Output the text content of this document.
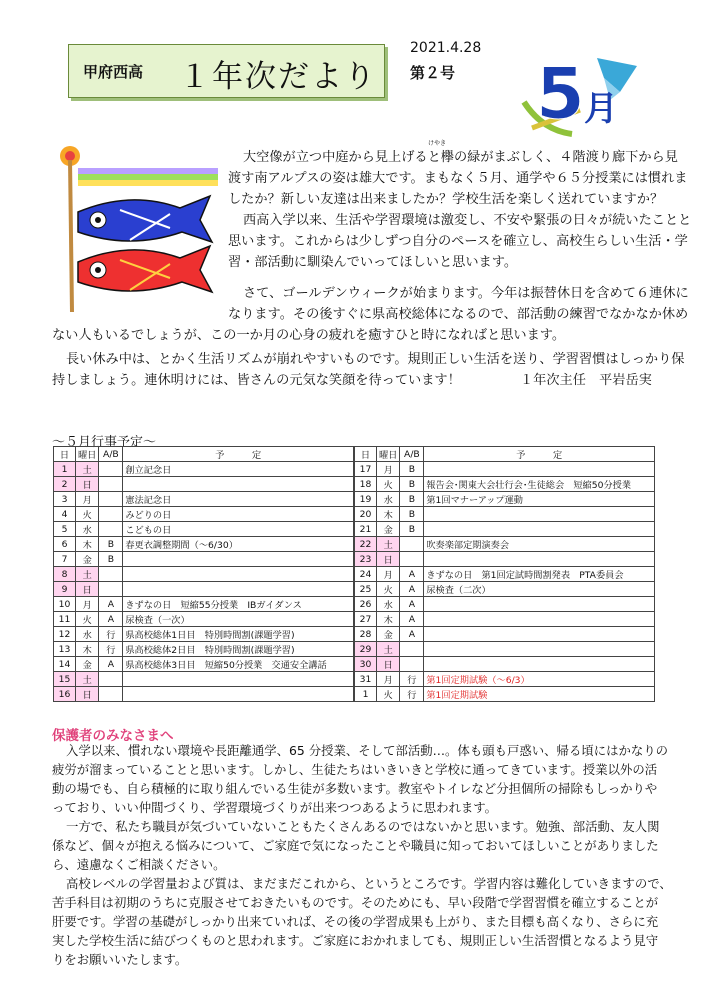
甲府西高 １年次だより
2021.4.28
第２号 5 月
けやき
大空像が立つ中庭から見上げると欅の緑がまぶしく、４階渡り廊下から見
渡す南アルプスの姿は雄大です。まもなく５月、通学や６５分授業には慣れま
したか？新しい友達は出来ましたか？学校生活を楽しく送れていますか？
西高入学以来、生活や学習環境は激変し、不安や緊張の日々が続いたことと
思います。これからは少しずつ自分のペースを確立し、高校生らしい生活・学
習・部活動に馴染んでいってほしいと思います。
さて、ゴールデンウィークが始まります。今年は振替休日を含めて６連休に
なります。その後すぐに県高校総体になるので、部活動の練習でなかなか休め
ない人もいるでしょうが、この一か月の心身の疲れを癒すひと時になればと思います。
長い休み中は、とかく生活リズムが崩れやすいものです。規則正しい生活を送り、学習習慣はしっかり保
持しましょう。連休明けには、皆さんの元気な笑顔を待っています！	１年次主任　平岩岳実
～５月行事予定～
日	曜日	A/B	予　　　定
1	土		創立記念日
2	日		
3	月		憲法記念日
4	火		みどりの日
5	水		こどもの日
6	木	B	春更衣調整期間（～6/30）
7	金	B	
8	土		
9	日		
10	月	A	きずなの日　短縮55分授業　IBガイダンス
11	火	A	尿検査（一次）
12	水	行	県高校総体1日目　特別時間割(課題学習)
13	木	行	県高校総体2日目　特別時間割(課題学習)
14	金	A	県高校総体3日目　短縮50分授業　交通安全講話
15	土		
16	日		
日	曜日	A/B	予　　　定
17	月	B	
18	火	B	報告会･関東大会壮行会･生徒総会　短縮50分授業
19	水	B	第1回マナーアップ運動
20	木	B	
21	金	B	
22	土		吹奏楽部定期演奏会
23	日		
24	月	A	きずなの日　第1回定試時間割発表　PTA委員会
25	火	A	尿検査（二次）
26	水	A	
27	木	A	
28	金	A	
29	土		
30	日		
31	月	行	第1回定期試験（～6/3）
1	火	行	第1回定期試験
保護者のみなさまへ
入学以来、慣れない環境や長距離通学、65 分授業、そして部活動…。体も頭も戸惑い、帰る頃にはかなりの
疲労が溜まっていることと思います。しかし、生徒たちはいきいきと学校に通ってきています。授業以外の活
動の場でも、自ら積極的に取り組んでいる生徒が多数います。教室やトイレなど分担個所の掃除もしっかりや
っており、いい仲間づくり、学習環境づくりが出来つつあるように思われます。
一方で、私たち職員が気づいていないこともたくさんあるのではないかと思います。勉強、部活動、友人関
係など、個々が抱える悩みについて、ご家庭で気になったことや職員に知っておいてほしいことがありました
ら、遠慮なくご相談ください。
高校レベルの学習量および質は、まだまだこれから、というところです。学習内容は難化していきますので、
苦手科目は初期のうちに克服させておきたいものです。そのためにも、早い段階で学習習慣を確立することが
肝要です。学習の基礎がしっかり出来ていれば、その後の学習成果も上がり、また目標も高くなり、さらに充
実した学校生活に結びつくものと思われます。ご家庭におかれましても、規則正しい生活習慣となるよう見守
りをお願いいたします。
